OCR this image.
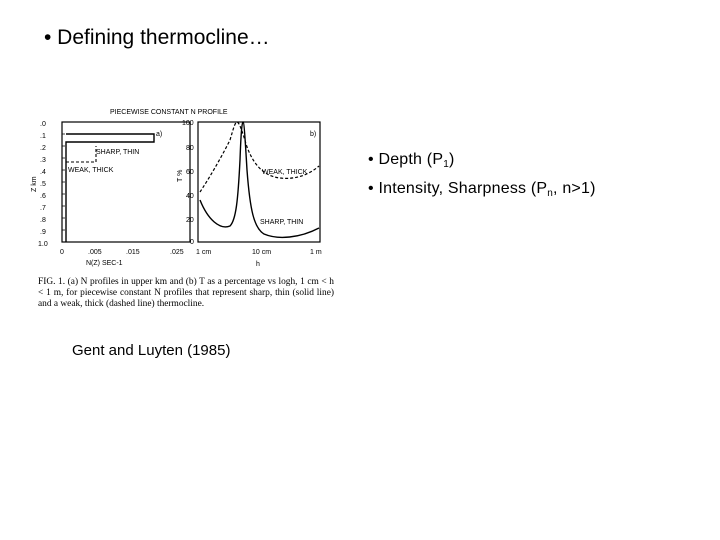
• Defining thermocline…
• Depth $(P_1)$
• Intensity, Sharpness ($P_n$, n>1)
PIECEWISE CONSTANT N PROFILE
.0
.1
.2
.3
.4
.5
.6
.7
.8
.9
1.0
Z km
a)
SHARP, THIN
WEAK, THICK
0	.005	.015	.025
N(Z) SEC-1
100
80
60
40
20
0
T %
b)
WEAK, THICK
SHARP, THIN
1 cm	10 cm	1 m
h
FIG. 1. (a) N profiles in upper km and (b) T as a percentage vs logh, 1 cm < h < 1 m, for piecewise constant N profiles that represent sharp, thin (solid line) and a weak, thick (dashed line) thermocline.
Gent and Luyten (1985)
